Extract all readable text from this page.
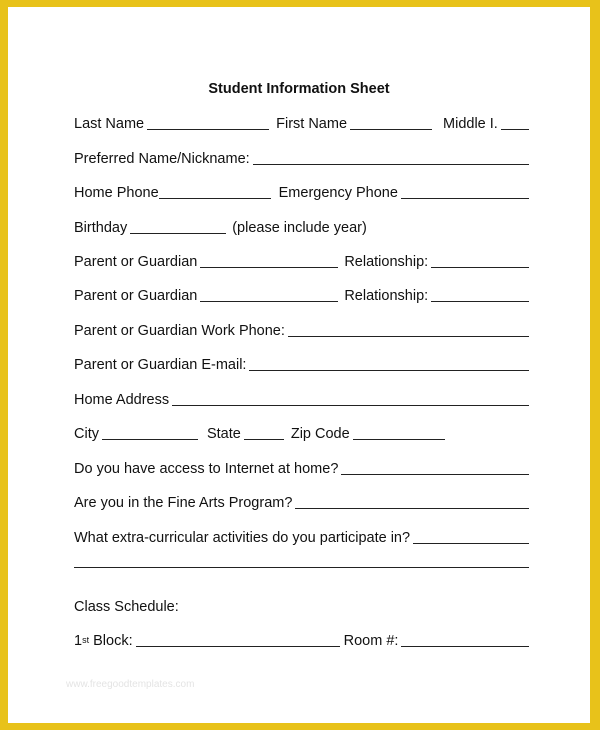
Student Information Sheet
Last Name	First Name	Middle I.
Preferred Name/Nickname:
Home Phone	Emergency Phone
Birthday	(please include year)
Parent or Guardian	Relationship:
Parent or Guardian	Relationship:
Parent or Guardian Work Phone:
Parent or Guardian E-mail:
Home Address
City	State	Zip Code
Do you have access to Internet at home?
Are you in the Fine Arts Program?
What extra-curricular activities do you participate in?
Class Schedule:
1st Block:	Room #:
www.freegoodtemplates.com
